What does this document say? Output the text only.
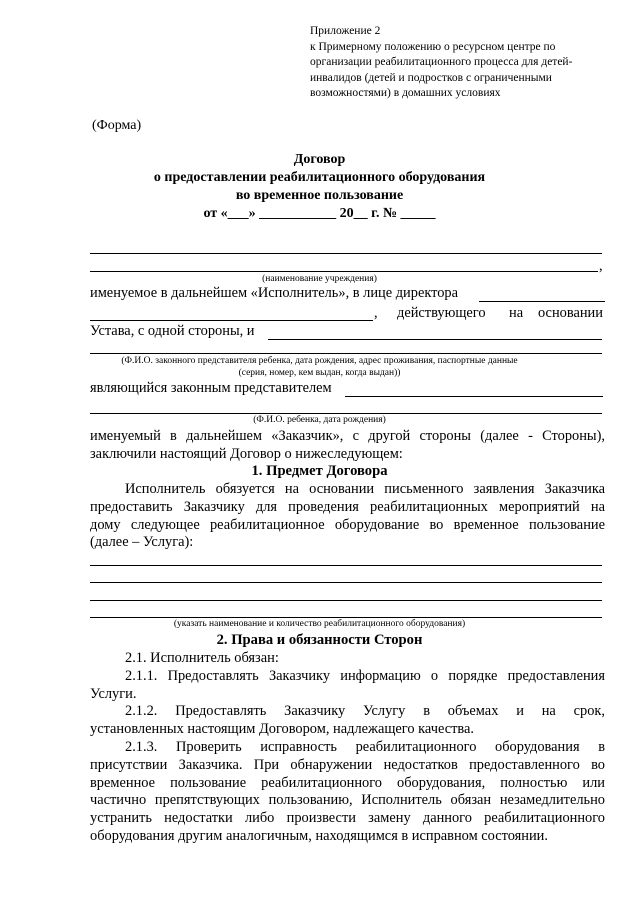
Приложение 2
к Примерному положению о ресурсном центре по
организации реабилитационного процесса для детей-
инвалидов (детей и подростков с ограниченными
возможностями) в домашних условиях
(Форма)
Договор
о предоставлении реабилитационного оборудования
во временное пользование
от «___» ___________ 20__ г. № _____
,
(наименование учреждения)
именуемое в дальнейшем «Исполнитель», в лице директора
, действующего на основании
Устава, с одной стороны, и
(Ф.И.О. законного представителя ребенка, дата рождения, адрес проживания, паспортные данные
(серия, номер, кем выдан, когда выдан))
являющийся законным представителем
(Ф.И.О. ребенка, дата рождения)
именуемый в дальнейшем «Заказчик», с другой стороны (далее - Стороны),
заключили настоящий Договор о нижеследующем:
1. Предмет Договора
Исполнитель обязуется на основании письменного заявления Заказчика
предоставить Заказчику для проведения реабилитационных мероприятий на
дому следующее реабилитационное оборудование во временное пользование
(далее – Услуга):
(указать наименование и количество реабилитационного оборудования)
2. Права и обязанности Сторон
2.1. Исполнитель обязан:
2.1.1. Предоставлять Заказчику информацию о порядке предоставления
Услуги.
2.1.2. Предоставлять Заказчику Услугу в объемах и на срок,
установленных настоящим Договором, надлежащего качества.
2.1.3. Проверить исправность реабилитационного оборудования в
присутствии Заказчика. При обнаружении недостатков предоставленного во
временное пользование реабилитационного оборудования, полностью или
частично препятствующих пользованию, Исполнитель обязан незамедлительно
устранить недостатки либо произвести замену данного реабилитационного
оборудования другим аналогичным, находящимся в исправном состоянии.
